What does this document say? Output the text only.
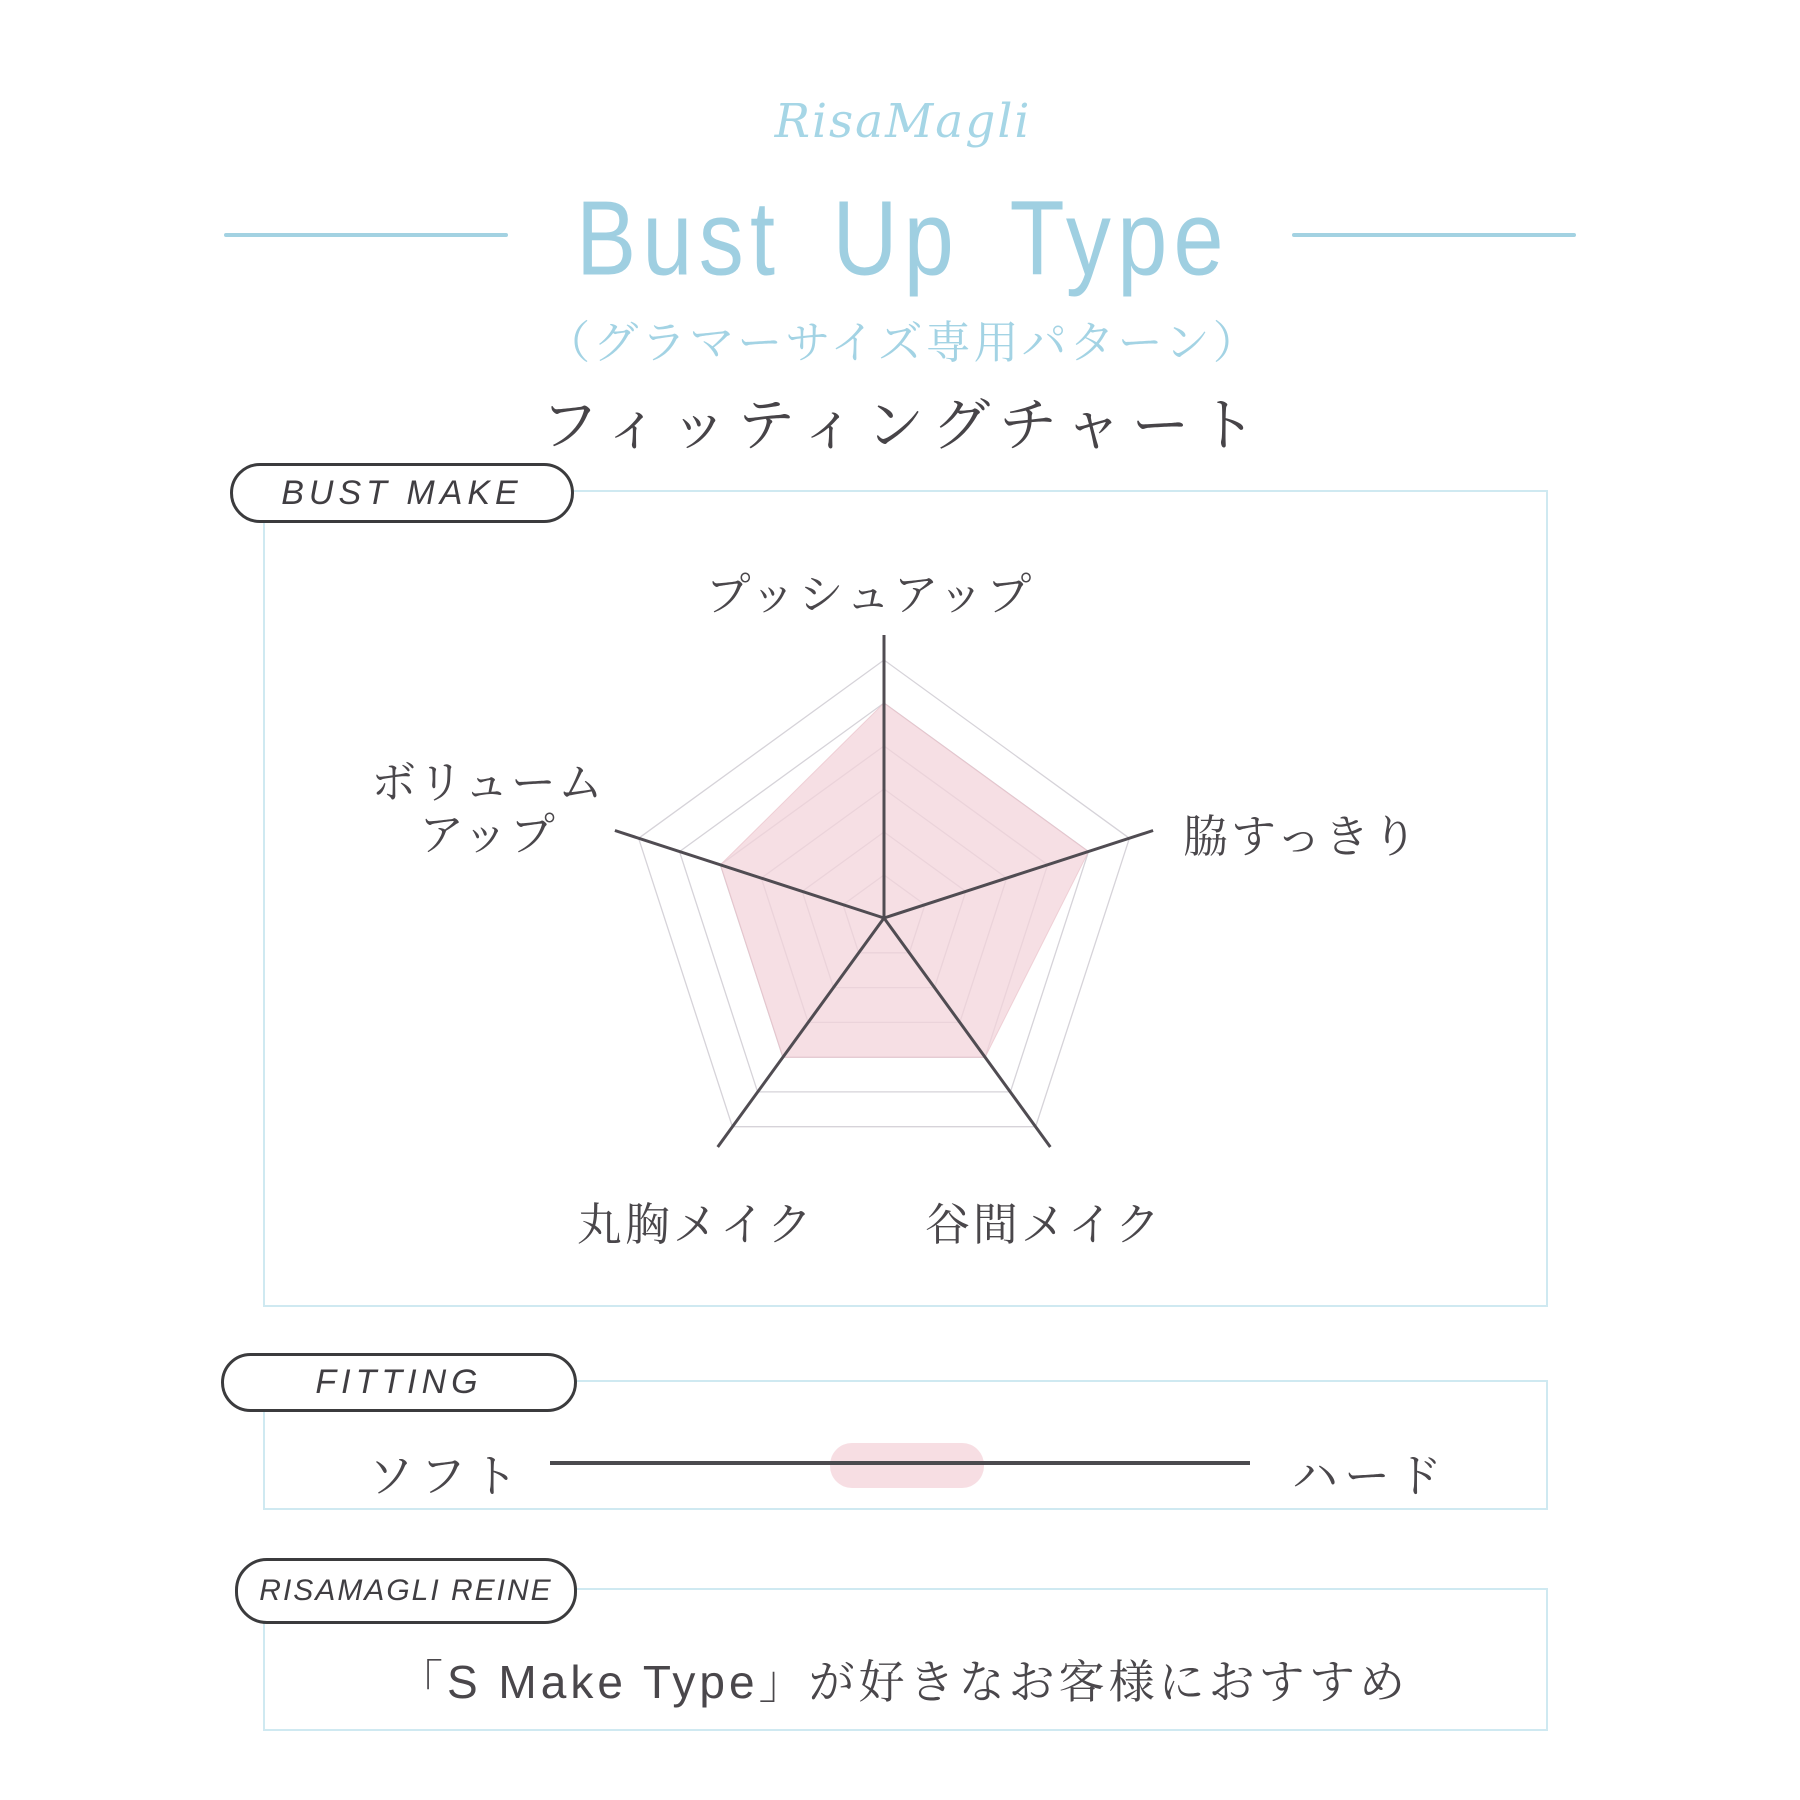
RisaMagli
Bust Up Type
（グラマーサイズ専用パターン）
フィッティングチャート
BUST MAKE
プッシュアップ
脇すっきり
谷間メイク
丸胸メイク
ボリュームアップ
FITTING
ソフト	ハード
RISAMAGLI REINE
「S Make Type」が好きなお客様におすすめ
